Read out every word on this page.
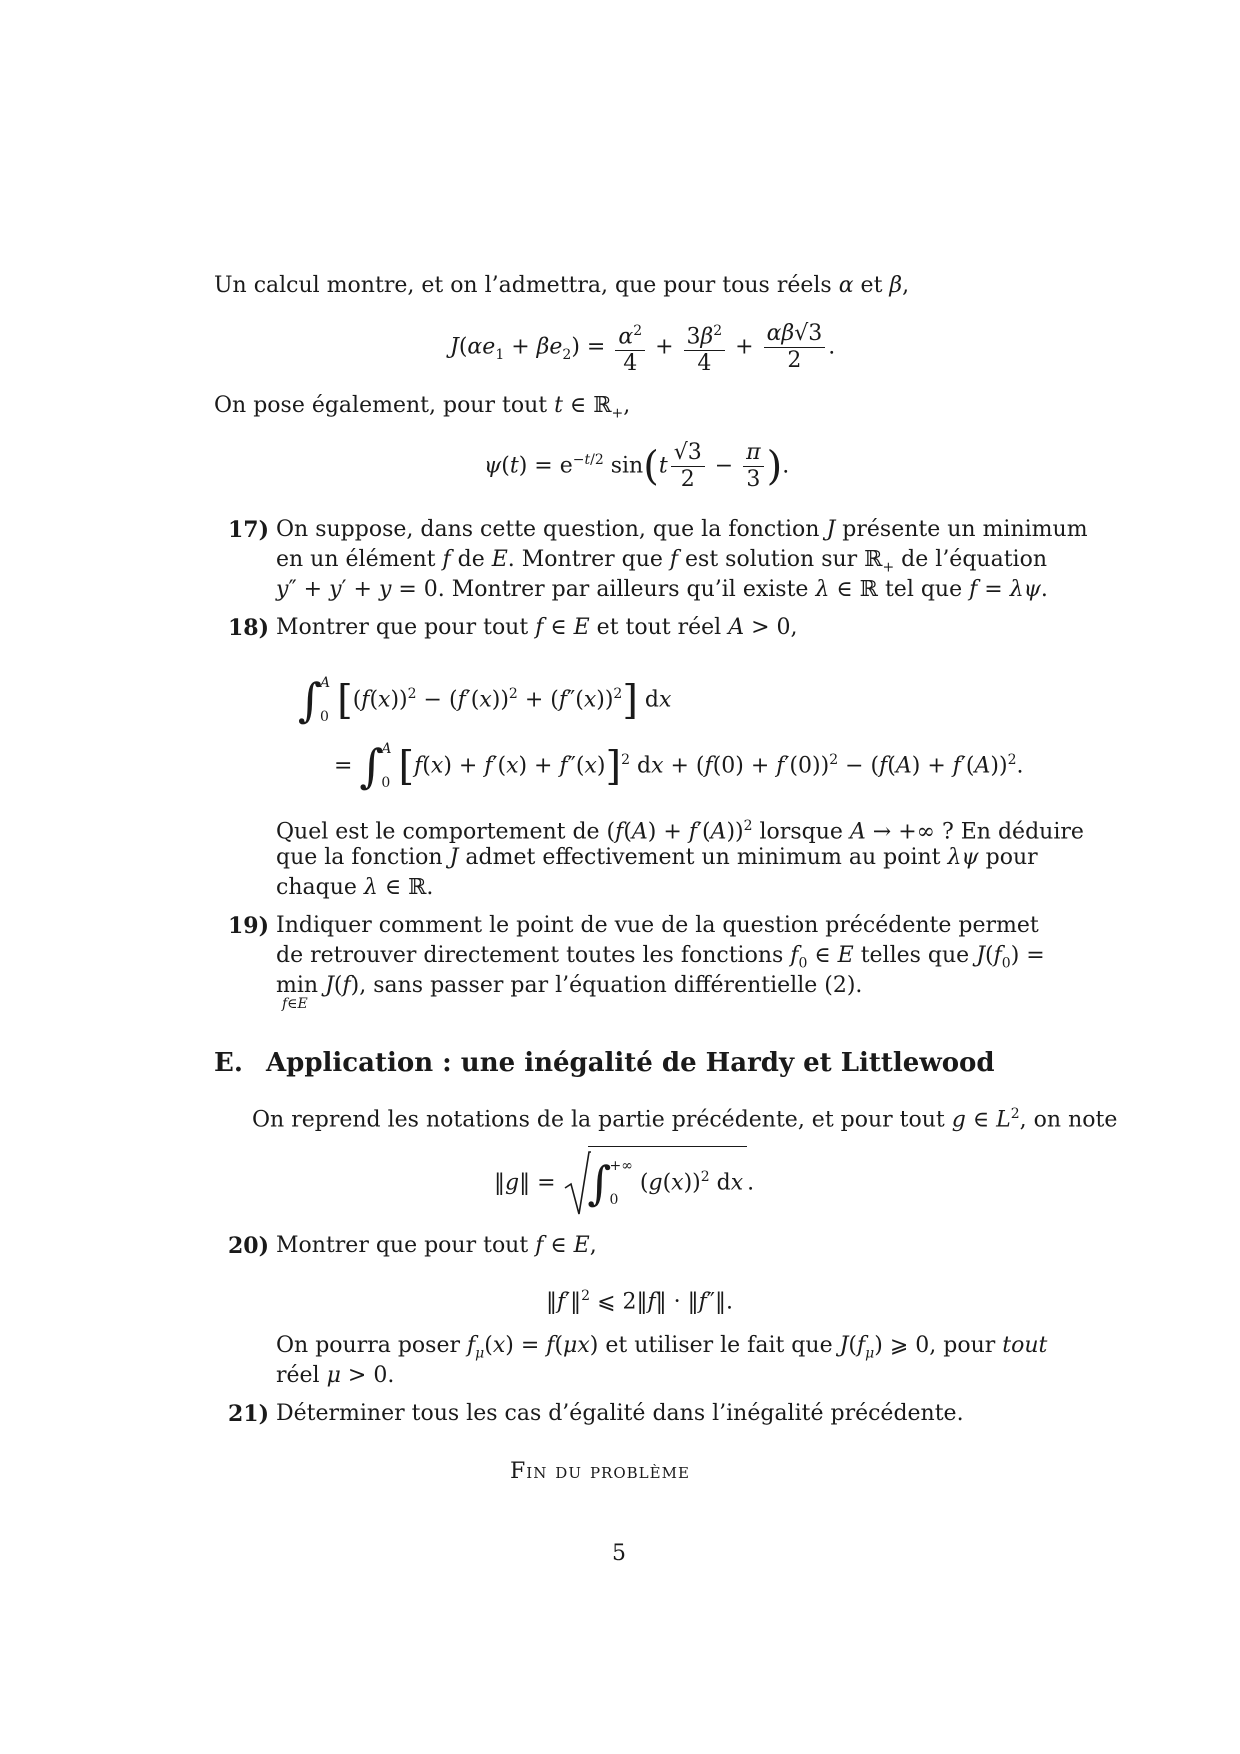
Un calcul montre, et on l’admettra, que pour tous réels α et β,
$J(\alpha e_1 + \beta e_2) = \frac{\alpha^2}{4} + \frac{3\beta^2}{4} + \frac{\alpha\beta√3}{2}$ .
On pose également, pour tout t ∈ ℝ$_+$,
$\psi(t) = e^{-t/2}$ $\sin(t \frac{√3}{2} - \frac{\pi}{3}$ ).
17) On suppose, dans cette question, que la fonction J présente un minimum
en un élément f de E. Montrer que f est solution sur ℝ$_+$ de l’équation
y″ + y′ + y = 0. Montrer par ailleurs qu’il existe λ ∈ ℝ tel que f = λψ.
18) Montrer que pour tout f ∈ E et tout réel A > 0,
∫
A
0 $[(f(x))^2 - (f'(x))^2 + (f''(x))^2]$ dx
= ∫
A
0 $[f(x) + f'(x) + f''(x)]^2$ dx + $(f(0) + f'(0))^2 - (f(A) + f'(A))^2$.
Quel est le comportement de $(f(A) + f'(A))^2$ lorsque A → +∞ ? En déduire
que la fonction J admet effectivement un minimum au point λψ pour
chaque λ ∈ ℝ.
19) Indiquer comment le point de vue de la question précédente permet
de retrouver directement toutes les fonctions $f_0$ ∈ E telles que $J(f_0)$ =
min J(f), sans passer par l’équation différentielle (2).
f∈E
E. Application : une inégalité de Hardy et Littlewood
On reprend les notations de la partie précédente, et pour tout g ∈ $L^2$, on note
‖g‖ = ∫
+∞
0
$(g(x))^2$ dx .
20) Montrer que pour tout f ∈ E,
‖f′‖$^2$ ⩽ 2‖f‖ · ‖f″‖.
On pourra poser $f_\mu(x) = f(\mu x)$ et utiliser le fait que $J(f_\mu)$ ⩾ 0, pour tout
réel μ > 0.
21) Déterminer tous les cas d’égalité dans l’inégalité précédente.
Fin du problème
5
